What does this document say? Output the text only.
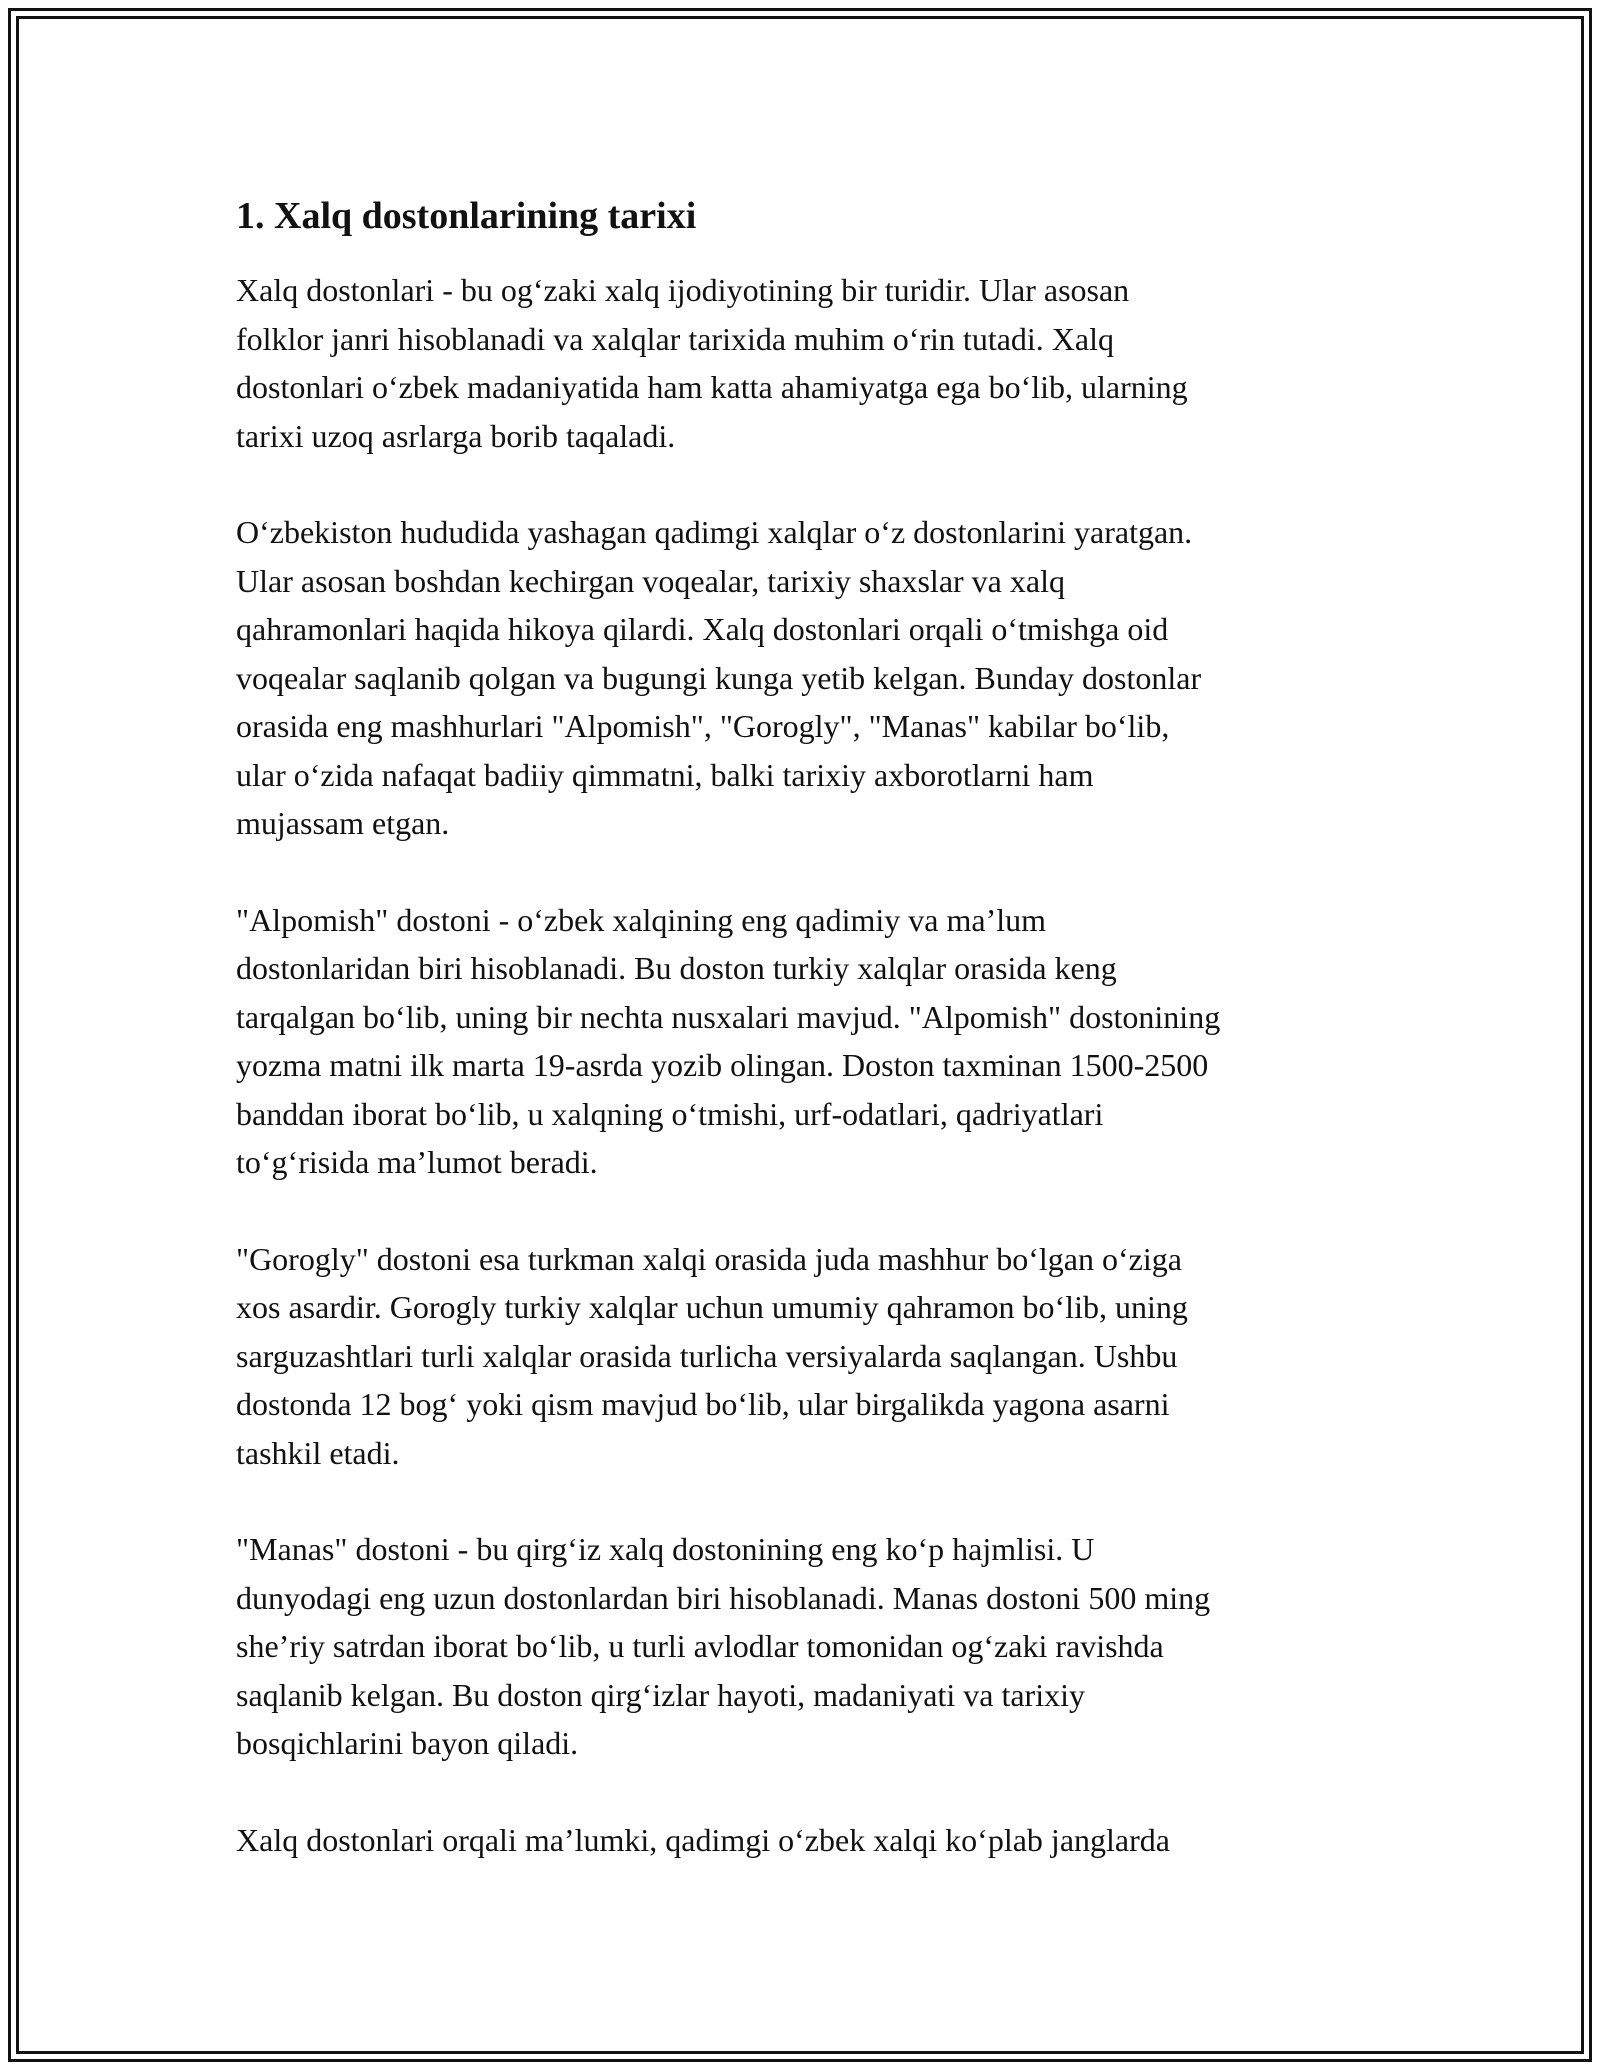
1. Xalq dostonlarining tarixi

Xalq dostonlari - bu og‘zaki xalq ijodiyotining bir turidir. Ular asosan
folklor janri hisoblanadi va xalqlar tarixida muhim o‘rin tutadi. Xalq
dostonlari o‘zbek madaniyatida ham katta ahamiyatga ega bo‘lib, ularning
tarixi uzoq asrlarga borib taqaladi.

O‘zbekiston hududida yashagan qadimgi xalqlar o‘z dostonlarini yaratgan.
Ular asosan boshdan kechirgan voqealar, tarixiy shaxslar va xalq
qahramonlari haqida hikoya qilardi. Xalq dostonlari orqali o‘tmishga oid
voqealar saqlanib qolgan va bugungi kunga yetib kelgan. Bunday dostonlar
orasida eng mashhurlari "Alpomish", "Gorogly", "Manas" kabilar bo‘lib,
ular o‘zida nafaqat badiiy qimmatni, balki tarixiy axborotlarni ham
mujassam etgan.

"Alpomish" dostoni - o‘zbek xalqining eng qadimiy va ma’lum
dostonlaridan biri hisoblanadi. Bu doston turkiy xalqlar orasida keng
tarqalgan bo‘lib, uning bir nechta nusxalari mavjud. "Alpomish" dostonining
yozma matni ilk marta 19-asrda yozib olingan. Doston taxminan 1500-2500
banddan iborat bo‘lib, u xalqning o‘tmishi, urf-odatlari, qadriyatlari
to‘g‘risida ma’lumot beradi.

"Gorogly" dostoni esa turkman xalqi orasida juda mashhur bo‘lgan o‘ziga
xos asardir. Gorogly turkiy xalqlar uchun umumiy qahramon bo‘lib, uning
sarguzashtlari turli xalqlar orasida turlicha versiyalarda saqlangan. Ushbu
dostonda 12 bog‘ yoki qism mavjud bo‘lib, ular birgalikda yagona asarni
tashkil etadi.

"Manas" dostoni - bu qirg‘iz xalq dostonining eng ko‘p hajmlisi. U
dunyodagi eng uzun dostonlardan biri hisoblanadi. Manas dostoni 500 ming
she’riy satrdan iborat bo‘lib, u turli avlodlar tomonidan og‘zaki ravishda
saqlanib kelgan. Bu doston qirg‘izlar hayoti, madaniyati va tarixiy
bosqichlarini bayon qiladi.

Xalq dostonlari orqali ma’lumki, qadimgi o‘zbek xalqi ko‘plab janglarda
